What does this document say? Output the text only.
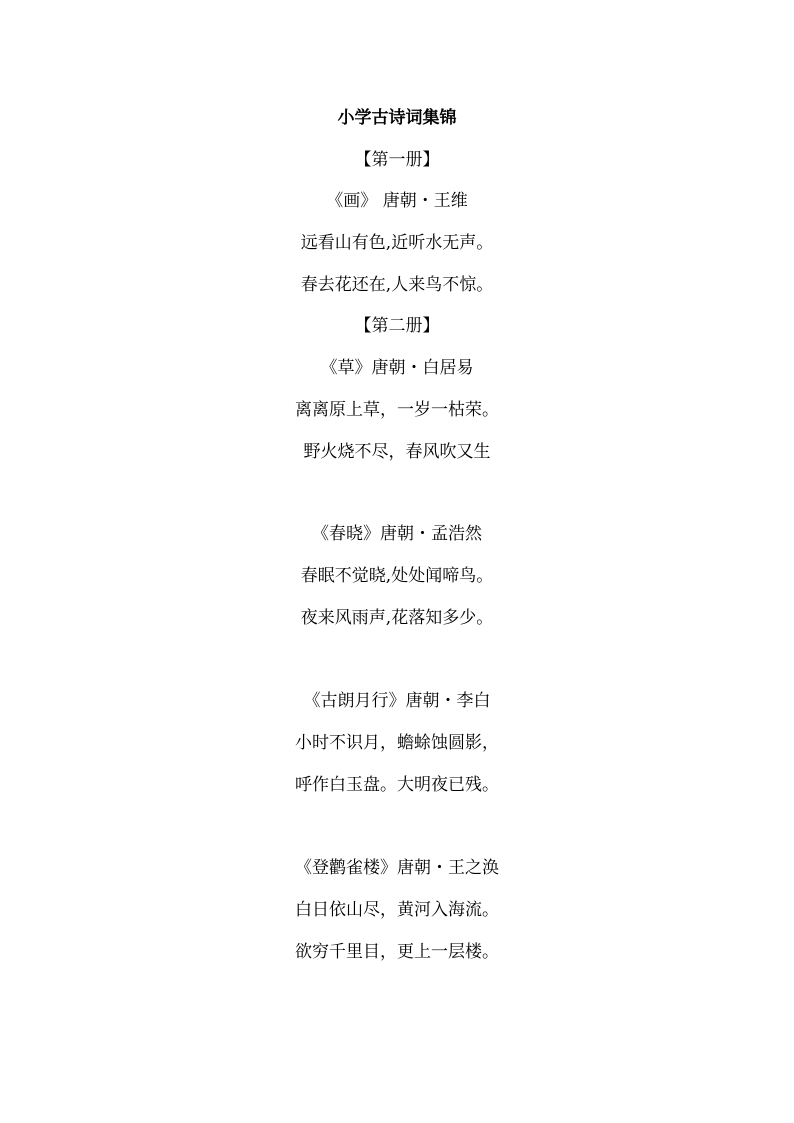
小学古诗词集锦
【第一册】
《画》 唐朝・王维
远看山有色,近听水无声。
春去花还在,人来鸟不惊。
【第二册】
《草》唐朝・白居易
离离原上草，一岁一枯荣。
野火烧不尽，春风吹又生
《春晓》唐朝・孟浩然
春眠不觉晓,处处闻啼鸟。
夜来风雨声,花落知多少。
《古朗月行》唐朝・李白
小时不识月，蟾蜍蚀圆影，
呼作白玉盘。大明夜已残。
《登鹳雀楼》唐朝・王之涣
白日依山尽，黄河入海流。
欲穷千里目，更上一层楼。
